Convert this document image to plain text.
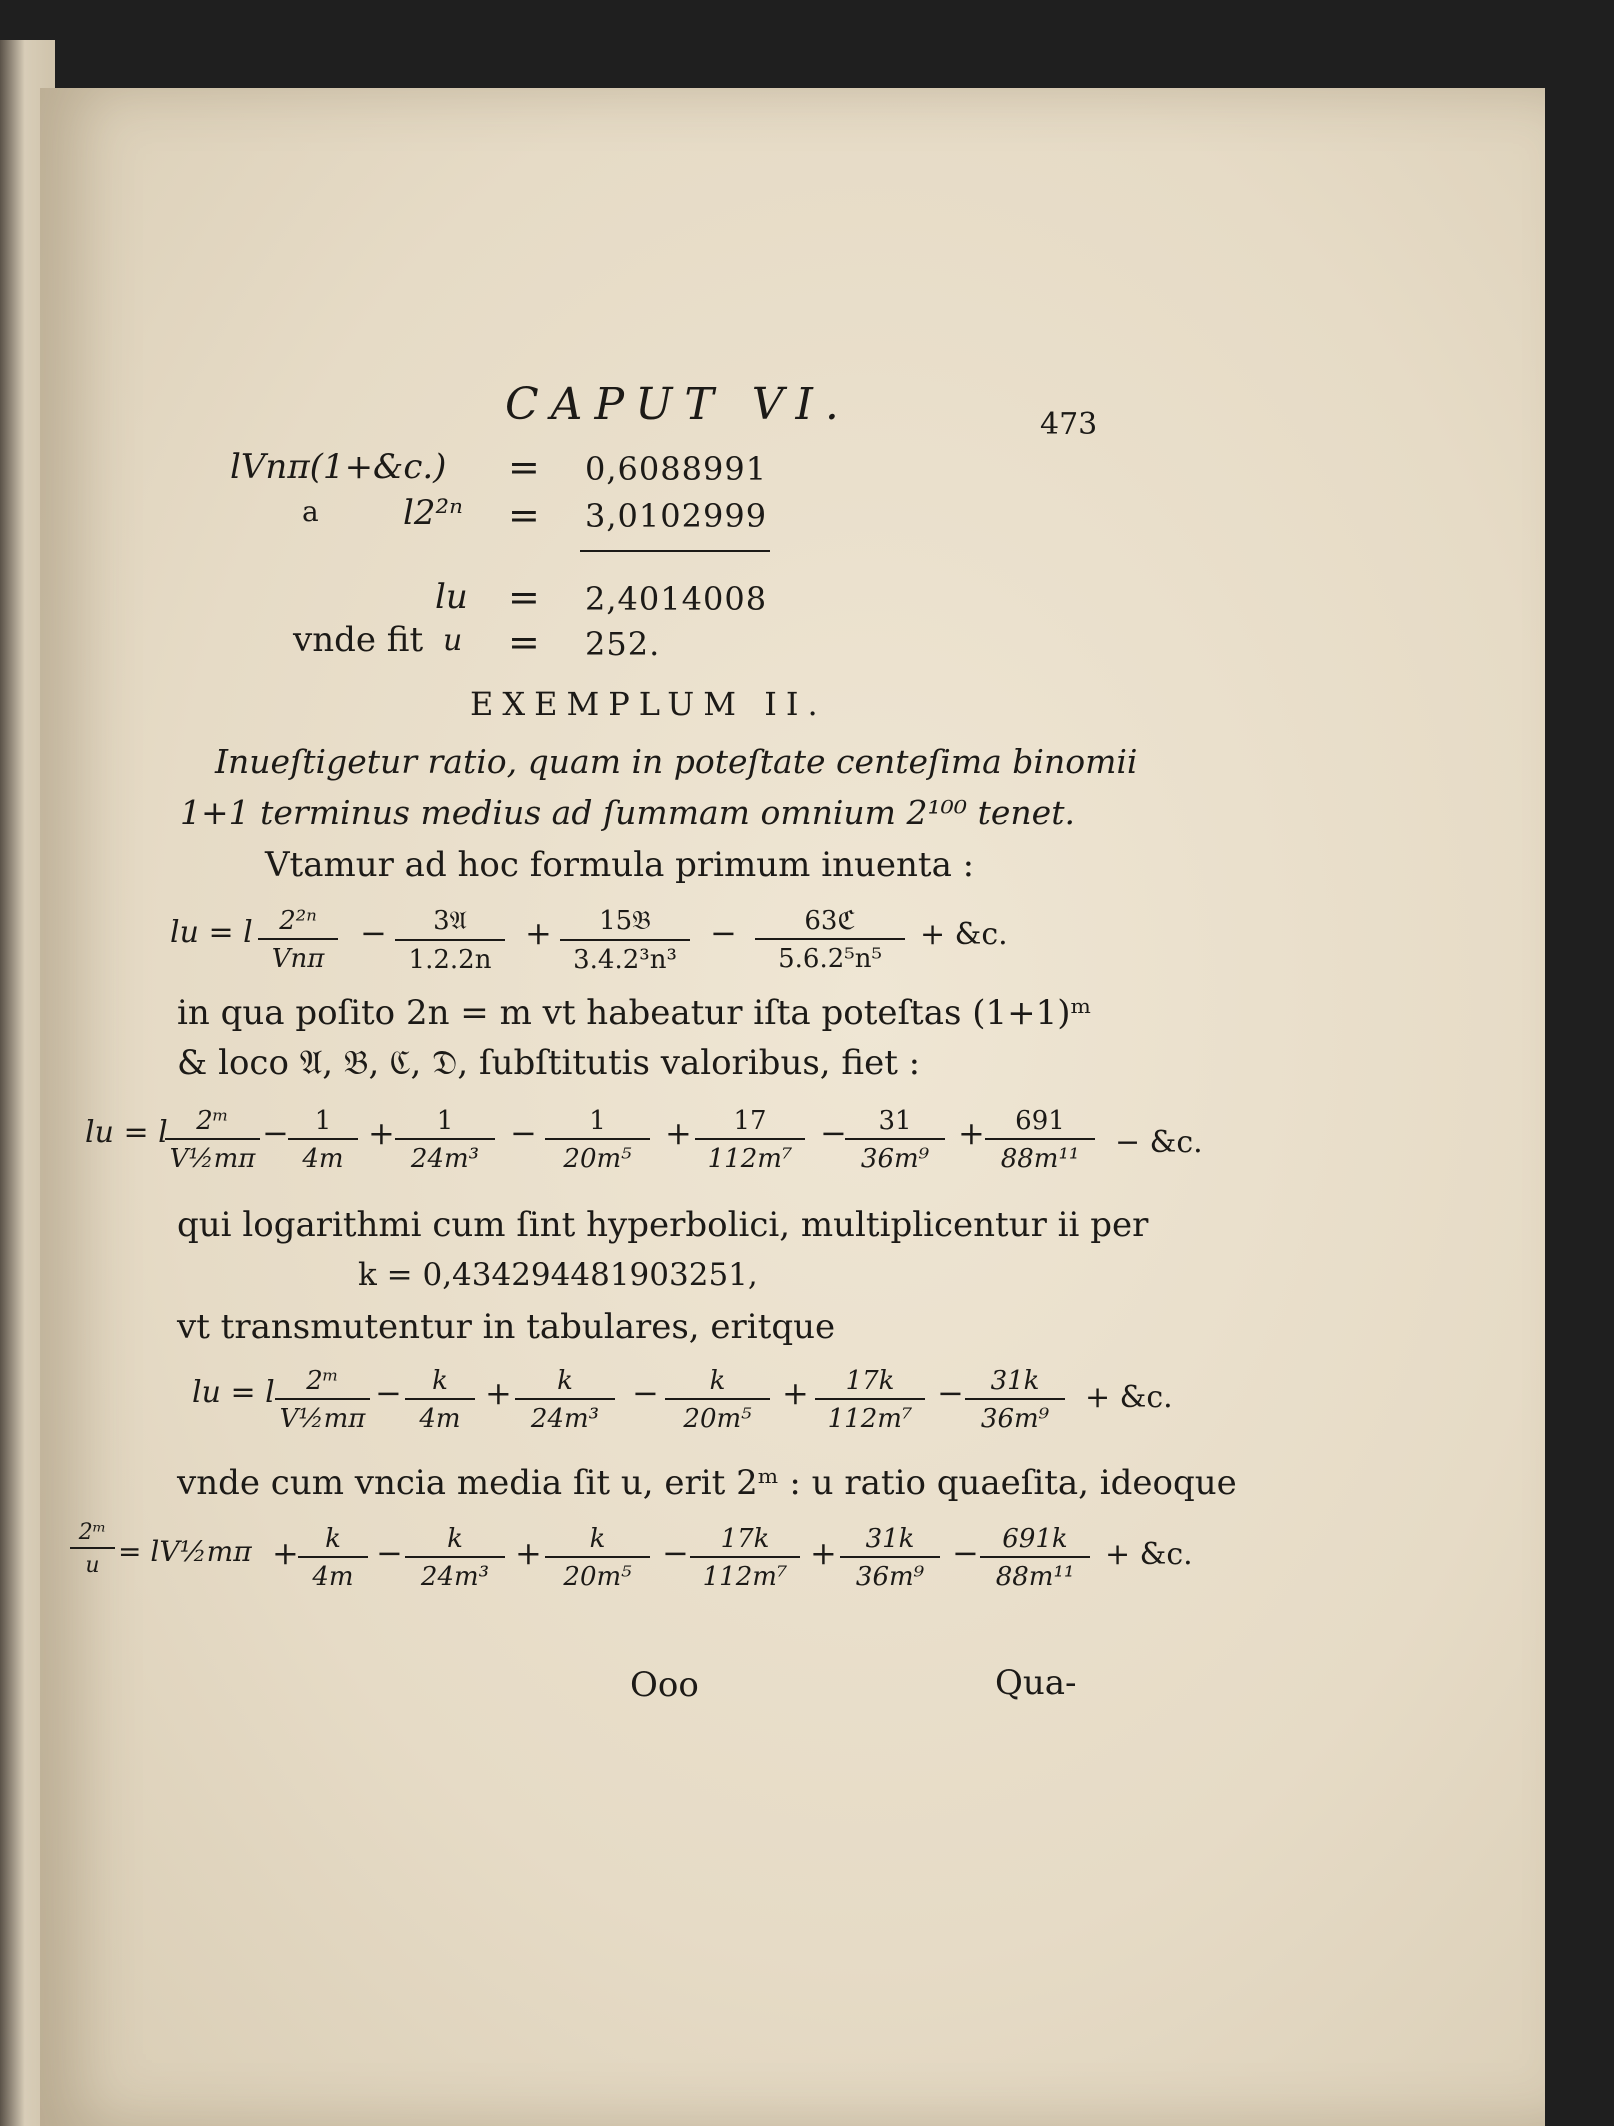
CAPUT VI.	473
lVnπ(1+&c.) = 0,6088991
a l2²ⁿ = 3,0102999
lu = 2,4014008
vnde fit u = 252.
EXEMPLUM II.
Inueſtigetur ratio, quam in poteſtate centeſima binomii
1+1 terminus medius ad ſummam omnium 2¹⁰⁰ tenet.
Vtamur ad hoc formula primum inuenta :
lu = l	2²ⁿ
Vnπ
−	3𝔄
1.2.2n
+	15𝔅
3.4.2³n³
−	63ℭ
5.6.2⁵n⁵
+ &c.
in qua poſito 2n = m vt habeatur iſta poteſtas (1+1)ᵐ
& loco 𝔄, 𝔅, ℭ, 𝔇, ſubſtitutis valoribus, fiet :
lu = l
$\frac{\text{2ᵐ}}{\text{V½mπ}} - \frac{1}{4m} + \frac{1}{\text{24m³}} - \frac{1}{\text{20m⁵}} + \frac{17}{\text{112m⁷}}$ −
$\frac{31}{\text{36m⁹}} + \frac{691}{\text{88m¹¹}}$ − &c.
qui logarithmi cum ſint hyperbolici, multiplicentur ii per
k = 0,434294481903251,
vt transmutentur in tabulares, eritque
lu = l $\frac{\text{2ᵐ}}{\text{V½mπ}} - \frac{k}{4m} + \frac{k}{\text{24m³}} - \frac{k}{\text{20m⁵}} + \frac{17k}{\text{112m⁷}} - \frac{31k}{\text{36m⁹}}$ + &c.
vnde cum vncia media ſit u, erit 2ᵐ : u ratio quaeſita, ideoque
$\frac{\text{2ᵐ}}{u}$ = lV½mπ + $\frac{k}{4m} - \frac{k}{\text{24m³}} + \frac{k}{\text{20m⁵}} - \frac{17k}{\text{112m⁷}} + \frac{31k}{\text{36m⁹}} - \frac{691k}{\text{88m¹¹}}$ + &c.
Ooo	Qua-
